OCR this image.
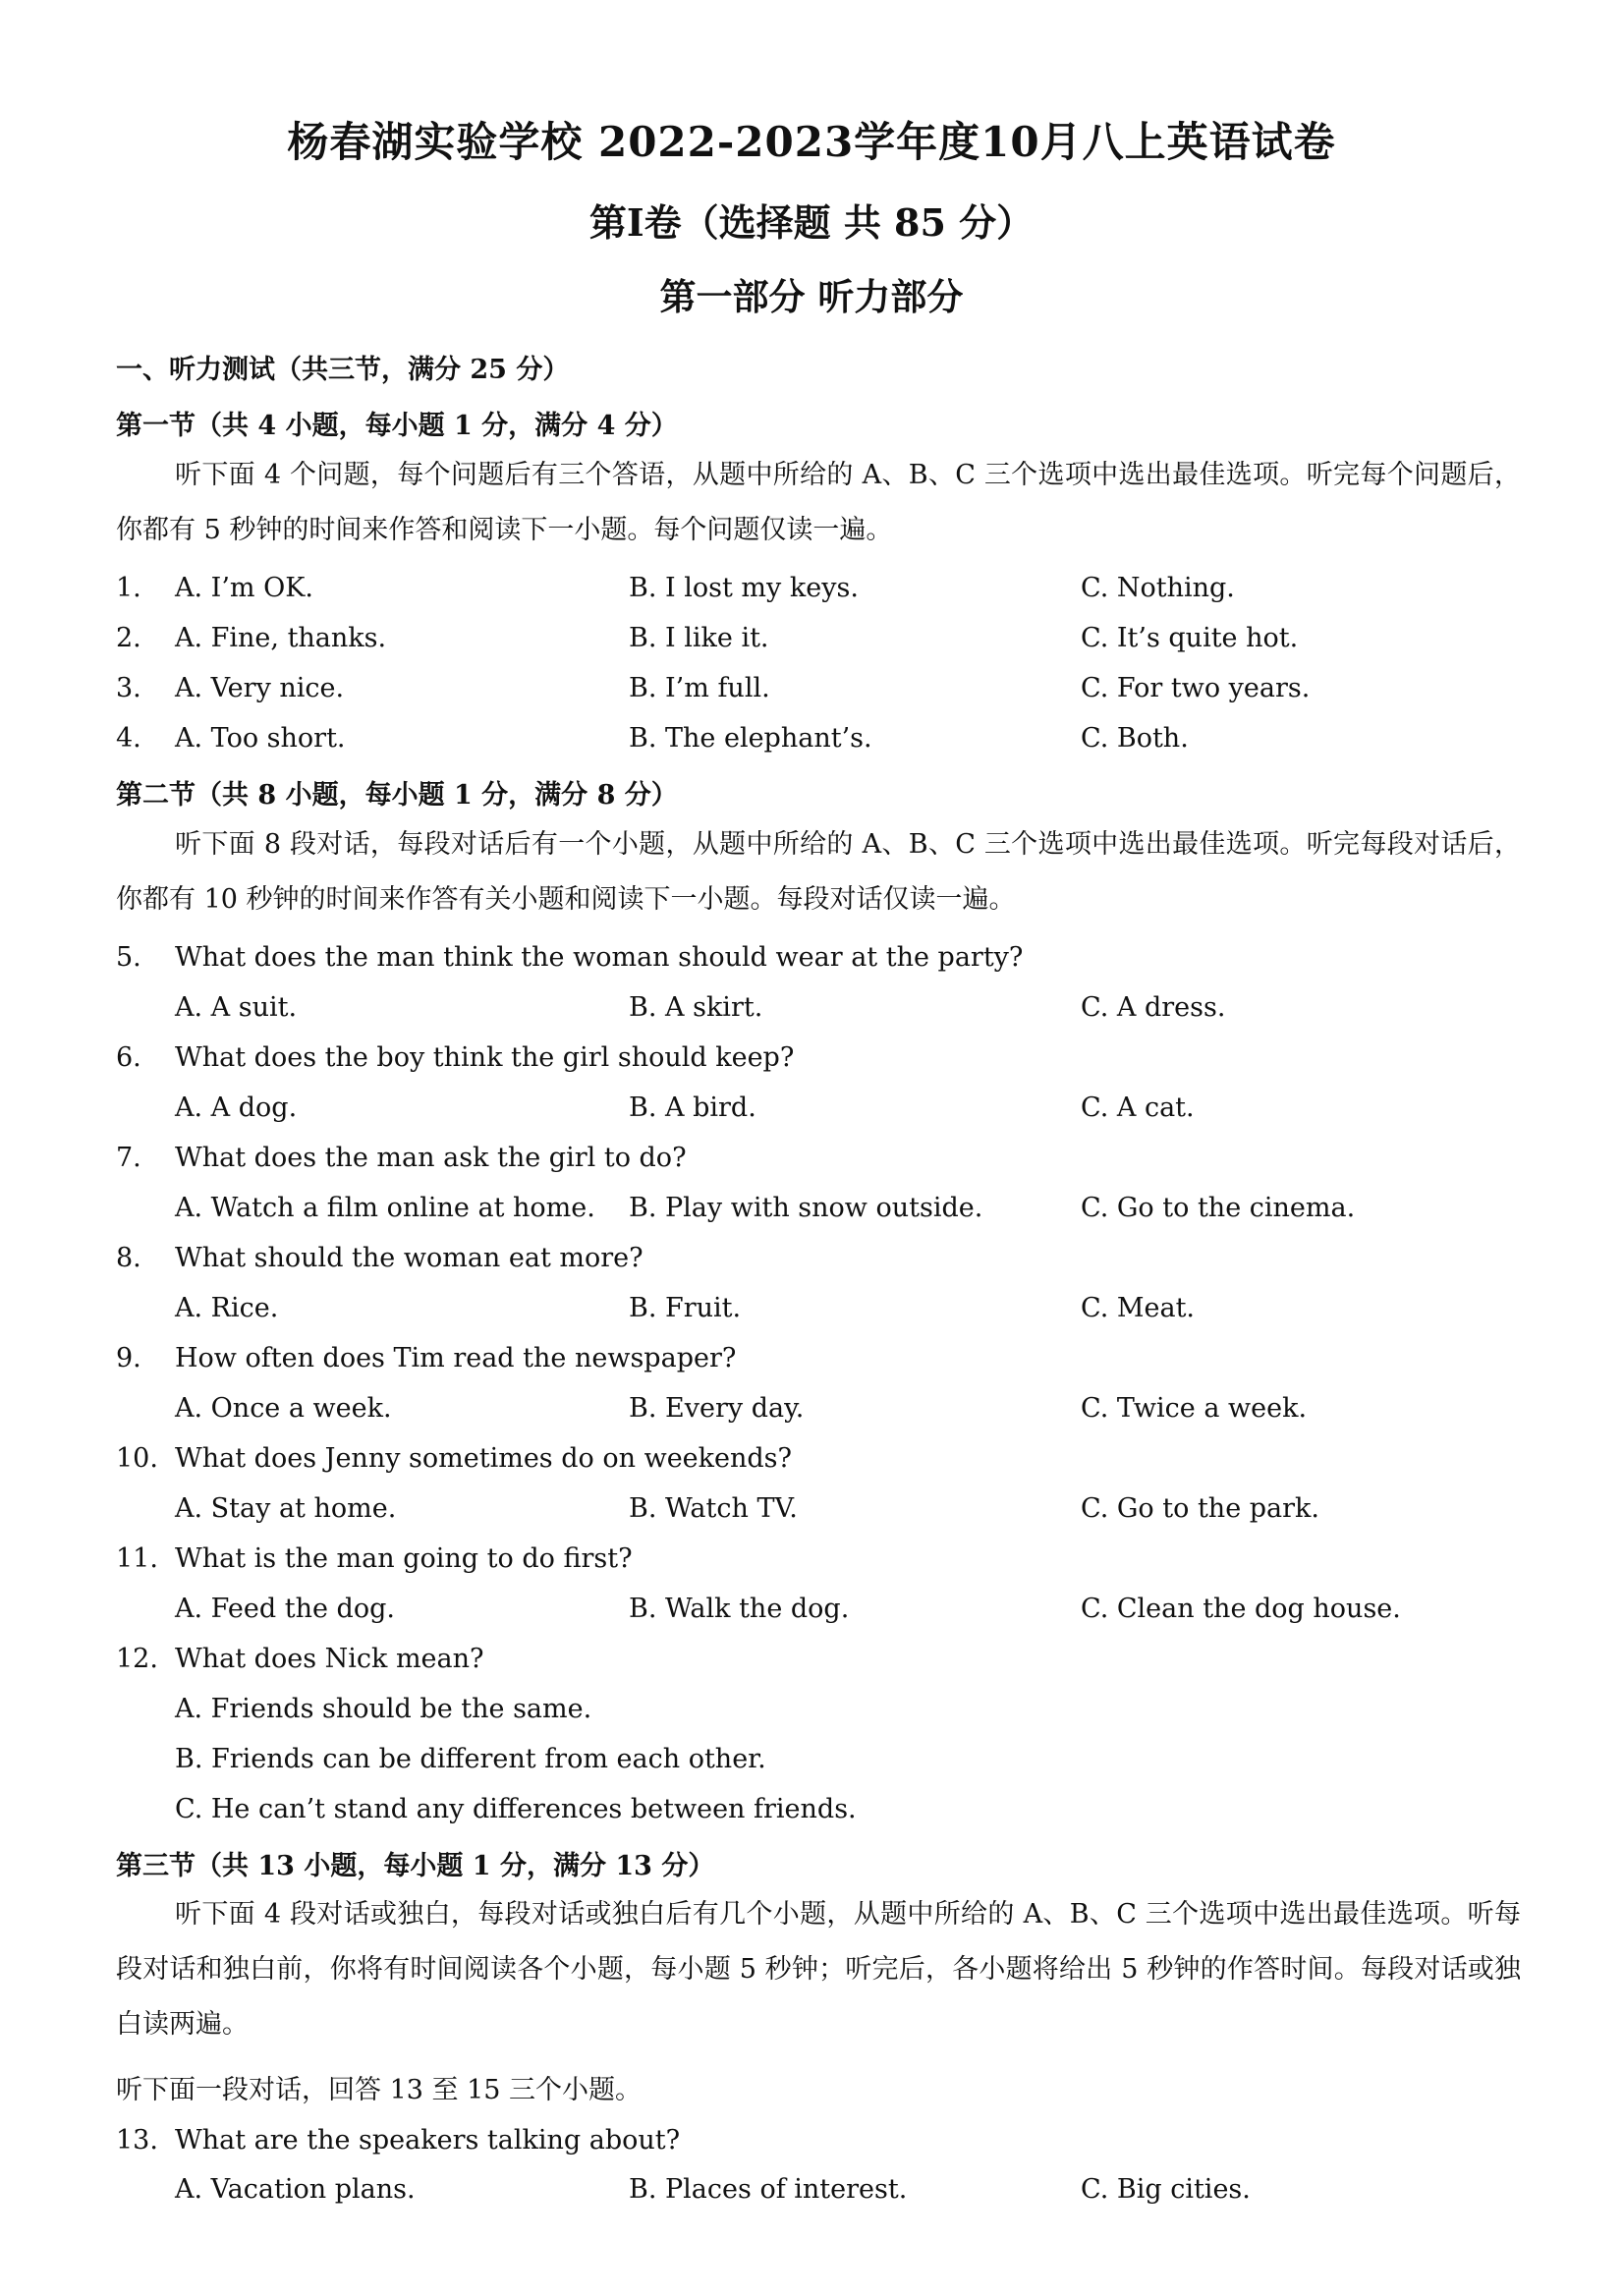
杨春湖实验学校 2022-2023学年度10月八上英语试卷
第Ⅰ卷（选择题 共 85 分）
第一部分 听力部分
一、听力测试（共三节，满分 25 分）
第一节（共 4 小题，每小题 1 分，满分 4 分）
听下面 4 个问题，每个问题后有三个答语，从题中所给的 A、B、C 三个选项中选出最佳选项。听完每个问题后，你都有 5 秒钟的时间来作答和阅读下一小题。每个问题仅读一遍。
1. A. I’m OK.	B. I lost my keys.	C. Nothing.
2. A. Fine, thanks.	B. I like it.	C. It’s quite hot.
3. A. Very nice.	B. I’m full.	C. For two years.
4. A. Too short.	B. The elephant’s.	C. Both.
第二节（共 8 小题，每小题 1 分，满分 8 分）
听下面 8 段对话，每段对话后有一个小题，从题中所给的 A、B、C 三个选项中选出最佳选项。听完每段对话后，你都有 10 秒钟的时间来作答有关小题和阅读下一小题。每段对话仅读一遍。
5. What does the man think the woman should wear at the party?
A. A suit.	B. A skirt.	C. A dress.
6. What does the boy think the girl should keep?
A. A dog.	B. A bird.	C. A cat.
7. What does the man ask the girl to do?
A. Watch a film online at home. B. Play with snow outside.	C. Go to the cinema.
8. What should the woman eat more?
A. Rice.	B. Fruit.	C. Meat.
9. How often does Tim read the newspaper?
A. Once a week.	B. Every day.	C. Twice a week.
10. What does Jenny sometimes do on weekends?
A. Stay at home.	B. Watch TV.	C. Go to the park.
11. What is the man going to do first?
A. Feed the dog.	B. Walk the dog.	C. Clean the dog house.
12. What does Nick mean?
A. Friends should be the same.
B. Friends can be different from each other.
C. He can’t stand any differences between friends.
第三节（共 13 小题，每小题 1 分，满分 13 分）
听下面 4 段对话或独白，每段对话或独白后有几个小题，从题中所给的 A、B、C 三个选项中选出最佳选项。听每段对话和独白前，你将有时间阅读各个小题，每小题 5 秒钟；听完后，各小题将给出 5 秒钟的作答时间。每段对话或独白读两遍。
听下面一段对话，回答 13 至 15 三个小题。
13. What are the speakers talking about?
A. Vacation plans.	B. Places of interest.	C. Big cities.
